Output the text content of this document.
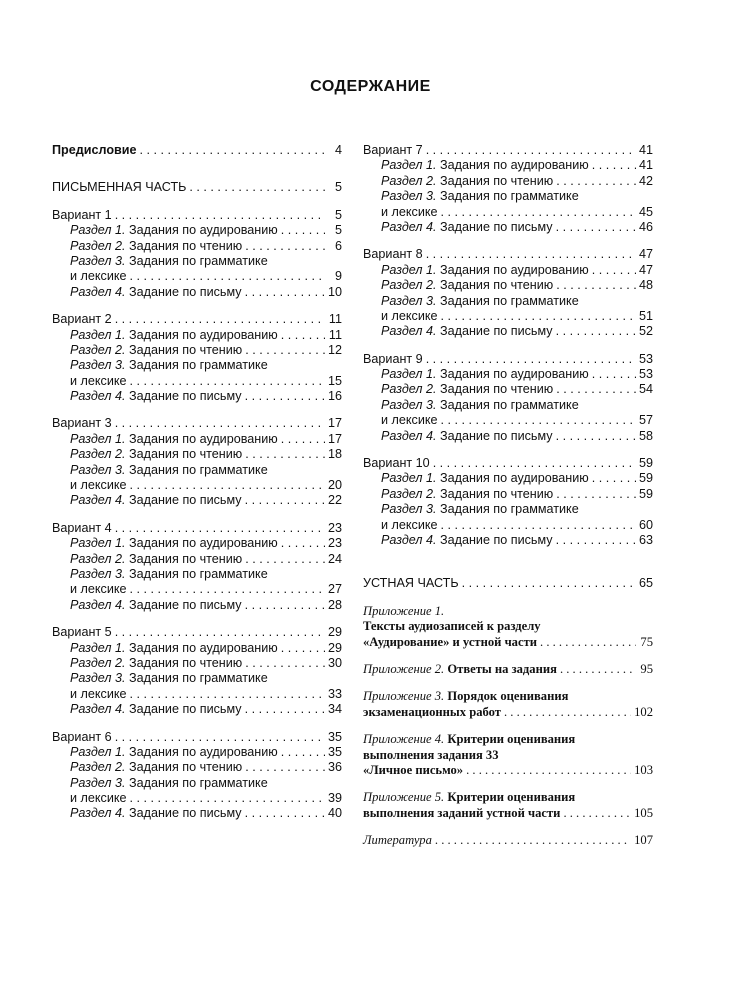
СОДЕРЖАНИЕ
Предисловие . . .	4
ПИСЬМЕННАЯ ЧАСТЬ . . .	5
Вариант 1 . . .	5
Раздел 1. Задания по аудированию . . .	5
Раздел 2. Задания по чтению . . .	6
Раздел 3. Задания по грамматике
и лексике . . .	9
Раздел 4. Задание по письму . . .	10
Вариант 2 . . .	11
Раздел 1. Задания по аудированию . . .	11
Раздел 2. Задания по чтению . . .	12
Раздел 3. Задания по грамматике
и лексике . . .	15
Раздел 4. Задание по письму . . .	16
Вариант 3 . . .	17
Раздел 1. Задания по аудированию . . .	17
Раздел 2. Задания по чтению . . .	18
Раздел 3. Задания по грамматике
и лексике . . .	20
Раздел 4. Задание по письму . . .	22
Вариант 4 . . .	23
Раздел 1. Задания по аудированию . . .	23
Раздел 2. Задания по чтению . . .	24
Раздел 3. Задания по грамматике
и лексике . . .	27
Раздел 4. Задание по письму . . .	28
Вариант 5 . . .	29
Раздел 1. Задания по аудированию . . .	29
Раздел 2. Задания по чтению . . .	30
Раздел 3. Задания по грамматике
и лексике . . .	33
Раздел 4. Задание по письму . . .	34
Вариант 6 . . .	35
Раздел 1. Задания по аудированию . . .	35
Раздел 2. Задания по чтению . . .	36
Раздел 3. Задания по грамматике
и лексике . . .	39
Раздел 4. Задание по письму . . .	40
Вариант 7 . . .	41
Раздел 1. Задания по аудированию . . .	41
Раздел 2. Задания по чтению . . .	42
Раздел 3. Задания по грамматике
и лексике . . .	45
Раздел 4. Задание по письму . . .	46
Вариант 8 . . .	47
Раздел 1. Задания по аудированию . . .	47
Раздел 2. Задания по чтению . . .	48
Раздел 3. Задания по грамматике
и лексике . . .	51
Раздел 4. Задание по письму . . .	52
Вариант 9 . . .	53
Раздел 1. Задания по аудированию . . .	53
Раздел 2. Задания по чтению . . .	54
Раздел 3. Задания по грамматике
и лексике . . .	57
Раздел 4. Задание по письму . . .	58
Вариант 10 . . .	59
Раздел 1. Задания по аудированию . . .	59
Раздел 2. Задания по чтению . . .	59
Раздел 3. Задания по грамматике
и лексике . . .	60
Раздел 4. Задание по письму . . .	63
УСТНАЯ ЧАСТЬ . . .	65
Приложение 1.
Тексты аудиозаписей к разделу
«Аудирование» и устной части . . .	75
Приложение 2. Ответы на задания . . .	95
Приложение 3. Порядок оценивания
экзаменационных работ . . .	102
Приложение 4. Критерии оценивания
выполнения задания 33
«Личное письмо» . . .	103
Приложение 5. Критерии оценивания
выполнения заданий устной части . . .	105
Литература . . .	107
